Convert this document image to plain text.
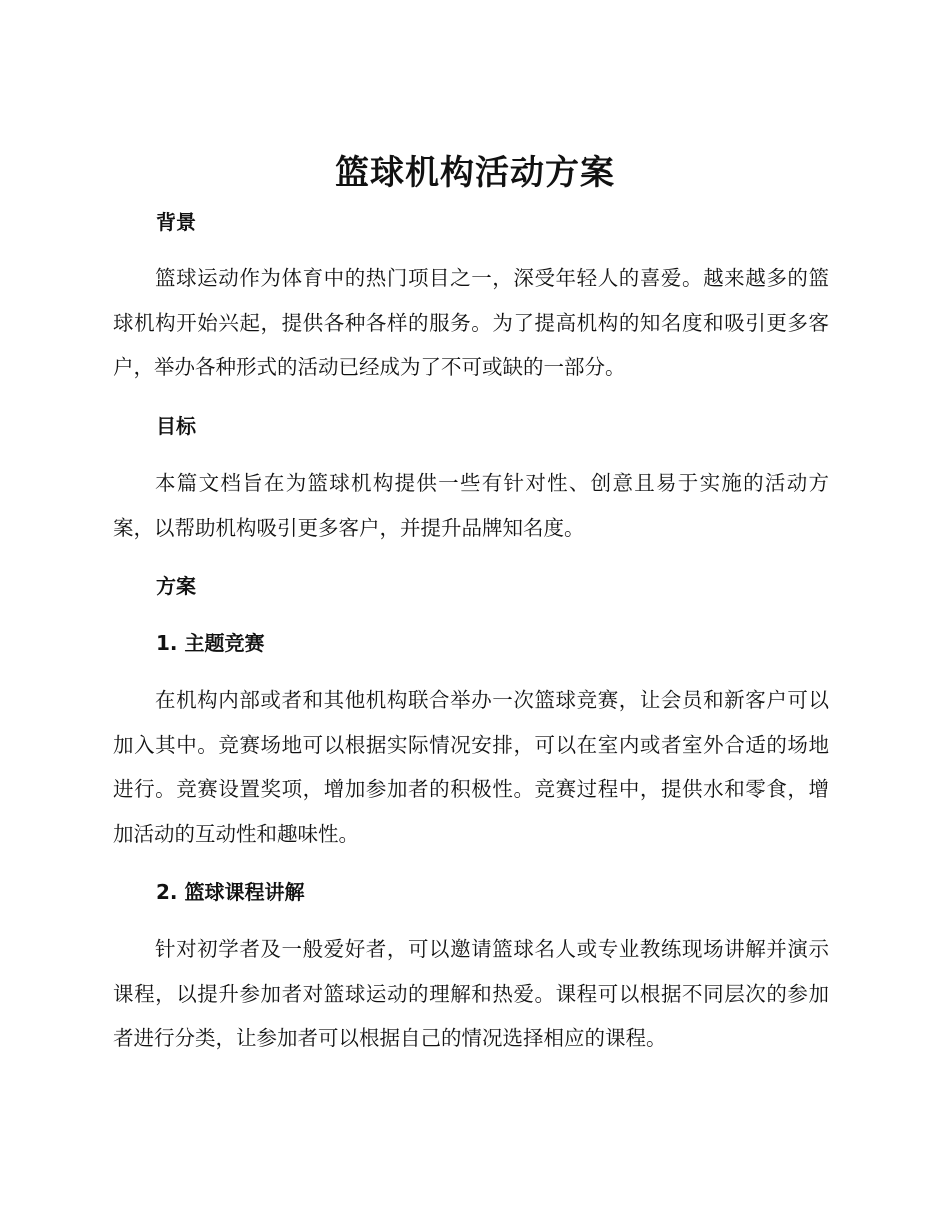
篮球机构活动方案
背景

篮球运动作为体育中的热门项目之一，深受年轻人的喜爱。越来越多的篮球机构开始兴起，提供各种各样的服务。为了提高机构的知名度和吸引更多客户，举办各种形式的活动已经成为了不可或缺的一部分。

目标

本篇文档旨在为篮球机构提供一些有针对性、创意且易于实施的活动方案，以帮助机构吸引更多客户，并提升品牌知名度。

方案
1. 主题竞赛

在机构内部或者和其他机构联合举办一次篮球竞赛，让会员和新客户可以加入其中。竞赛场地可以根据实际情况安排，可以在室内或者室外合适的场地进行。竞赛设置奖项，增加参加者的积极性。竞赛过程中，提供水和零食，增加活动的互动性和趣味性。

2. 篮球课程讲解

针对初学者及一般爱好者，可以邀请篮球名人或专业教练现场讲解并演示课程，以提升参加者对篮球运动的理解和热爱。课程可以根据不同层次的参加者进行分类，让参加者可以根据自己的情况选择相应的课程。
